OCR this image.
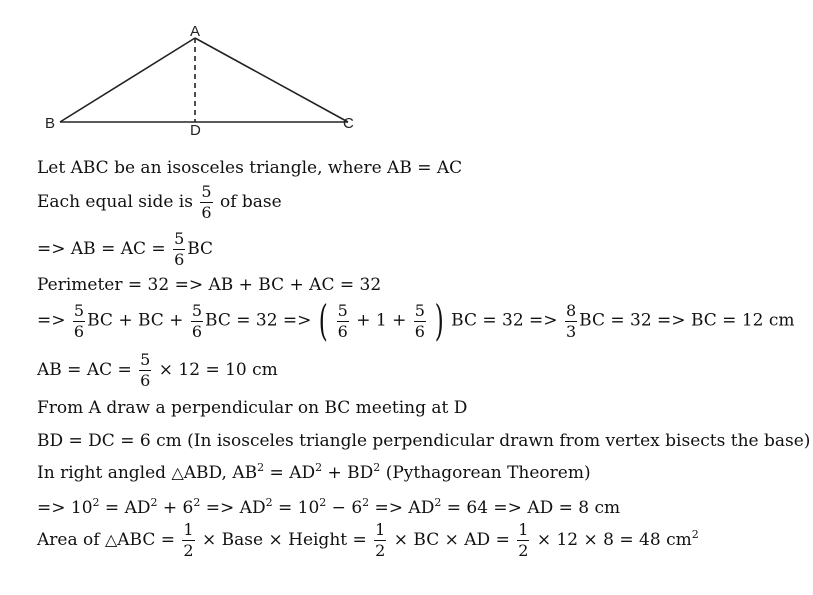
A
B	C
D
Let ABC be an isosceles triangle, where AB = AC
Each equal side is $\frac{5}{6}$ of base
=> AB = AC = $\frac{5}{6}$ BC
Perimeter = 32 => AB + BC + AC = 32
=> $\frac{5}{6}$ BC + BC + $\frac{5}{6}$ BC = 32 => ( $\frac{5}{6} + 1 + \frac{5}{6}$ ) BC = $32 => \frac{8}{3}$ BC = 32 => BC = 12 cm
AB = AC = $\frac{5}{6} \times 12 = 10$ cm
From A draw a perpendicular on BC meeting at D
BD = DC = 6 cm (In isosceles triangle perpendicular drawn from vertex bisects the base)
In right angled △ABD, $AB^2 = AD^2 + BD^2$ (Pythagorean Theorem)
=> $10^2 = AD^2 + 6^2 => AD^2 = 10^2 - 6^2 => AD^2 = 64$ => AD = 8 cm
Area of △ABC = $\frac{1}{2}$ × Base × Height = $\frac{1}{2}$ × BC × AD = $\frac{1}{2} \times 12 \times 8 = 48$ $cm^2$
